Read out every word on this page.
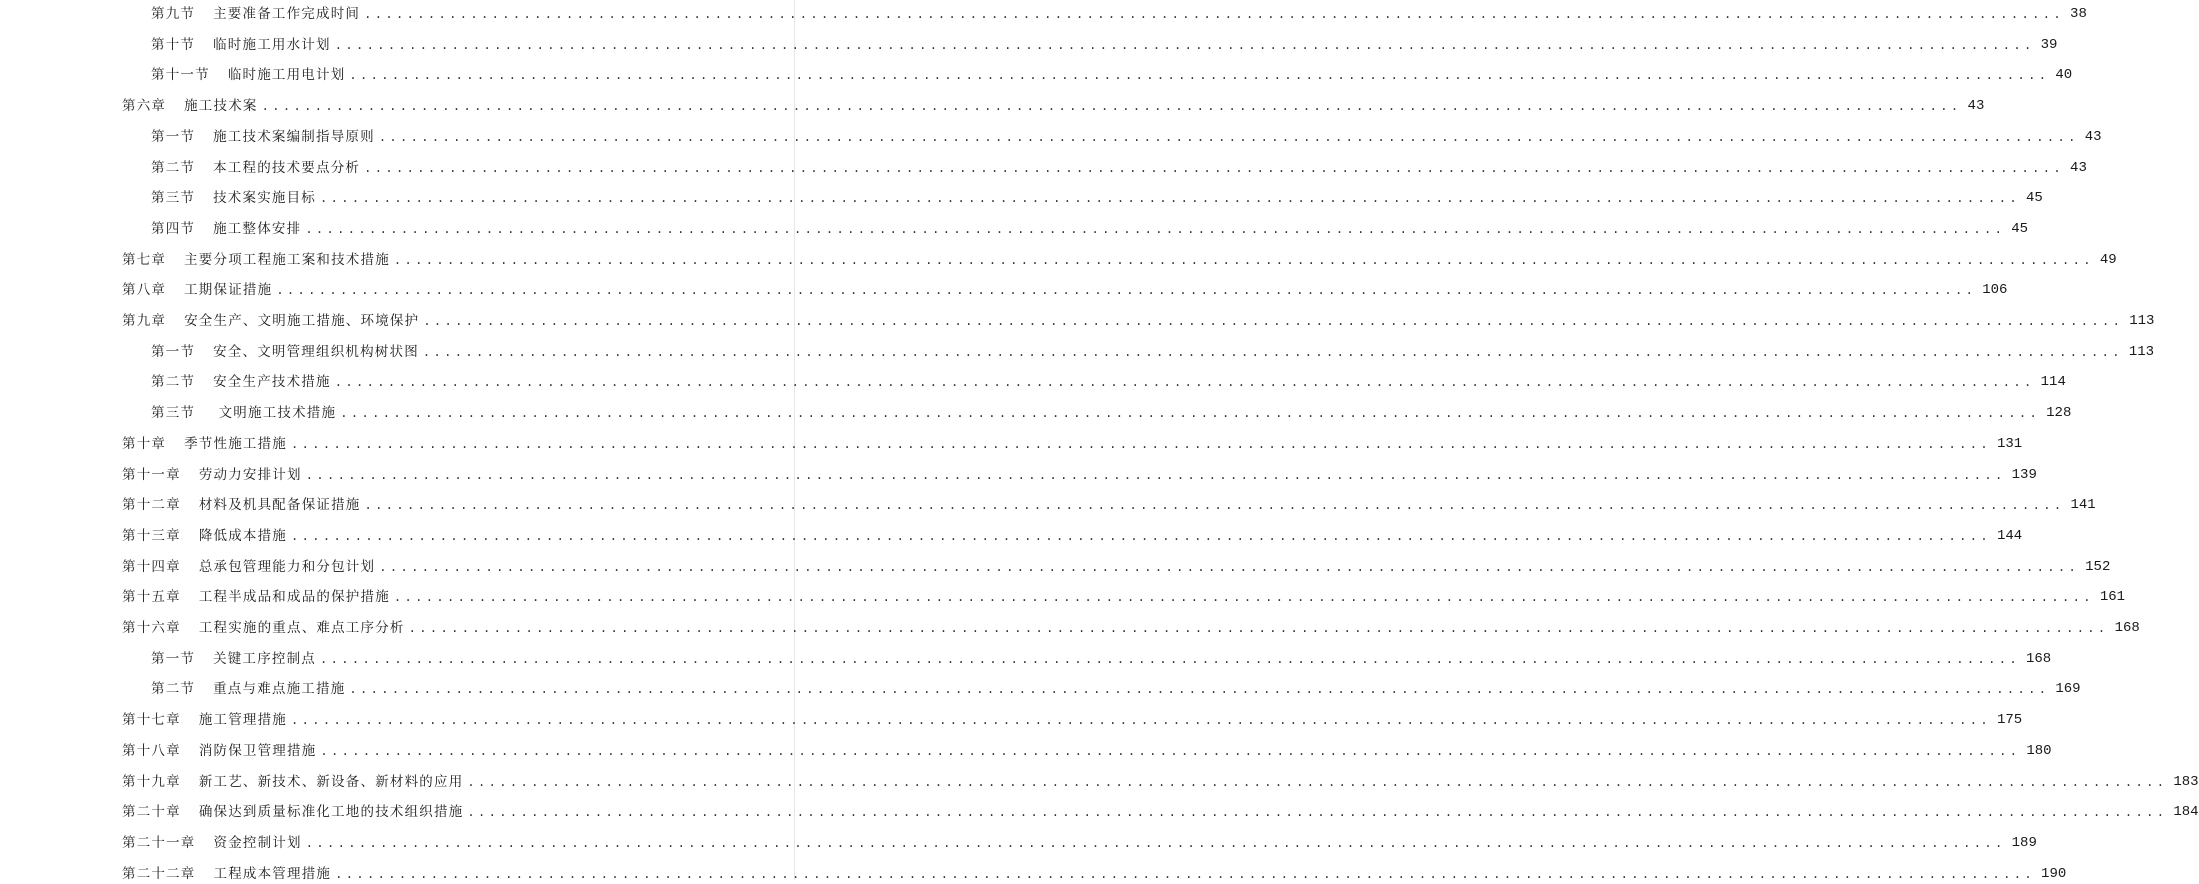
第九节 主要准备工作完成时间 ................................................................................................................................................................ 38
第十节 临时施工用水计划 ................................................................................................................................................................ 39
第十一节 临时施工用电计划 ................................................................................................................................................................ 40
第六章 施工技术案 ................................................................................................................................................................ 43
第一节 施工技术案编制指导原则 ................................................................................................................................................................ 43
第二节 本工程的技术要点分析 ................................................................................................................................................................ 43
第三节 技术案实施目标 ................................................................................................................................................................ 45
第四节 施工整体安排 ................................................................................................................................................................ 45
第七章 主要分项工程施工案和技术措施 ................................................................................................................................................................ 49
第八章 工期保证措施 ................................................................................................................................................................ 106
第九章 安全生产、文明施工措施、环境保护 ................................................................................................................................................................ 113
第一节 安全、文明管理组织机构树状图 ................................................................................................................................................................ 113
第二节 安全生产技术措施 ................................................................................................................................................................ 114
第三节 文明施工技术措施 ................................................................................................................................................................ 128
第十章 季节性施工措施 ................................................................................................................................................................ 131
第十一章 劳动力安排计划 ................................................................................................................................................................ 139
第十二章 材料及机具配备保证措施 ................................................................................................................................................................ 141
第十三章 降低成本措施 ................................................................................................................................................................ 144
第十四章 总承包管理能力和分包计划 ................................................................................................................................................................ 152
第十五章 工程半成品和成品的保护措施 ................................................................................................................................................................ 161
第十六章 工程实施的重点、难点工序分析 ................................................................................................................................................................ 168
第一节 关键工序控制点 ................................................................................................................................................................ 168
第二节 重点与难点施工措施 ................................................................................................................................................................ 169
第十七章 施工管理措施 ................................................................................................................................................................ 175
第十八章 消防保卫管理措施 ................................................................................................................................................................ 180
第十九章 新工艺、新技术、新设备、新材料的应用 ................................................................................................................................................................ 183
第二十章 确保达到质量标准化工地的技术组织措施 ................................................................................................................................................................ 184
第二十一章 资金控制计划 ................................................................................................................................................................ 189
第二十二章 工程成本管理措施 ................................................................................................................................................................ 190
